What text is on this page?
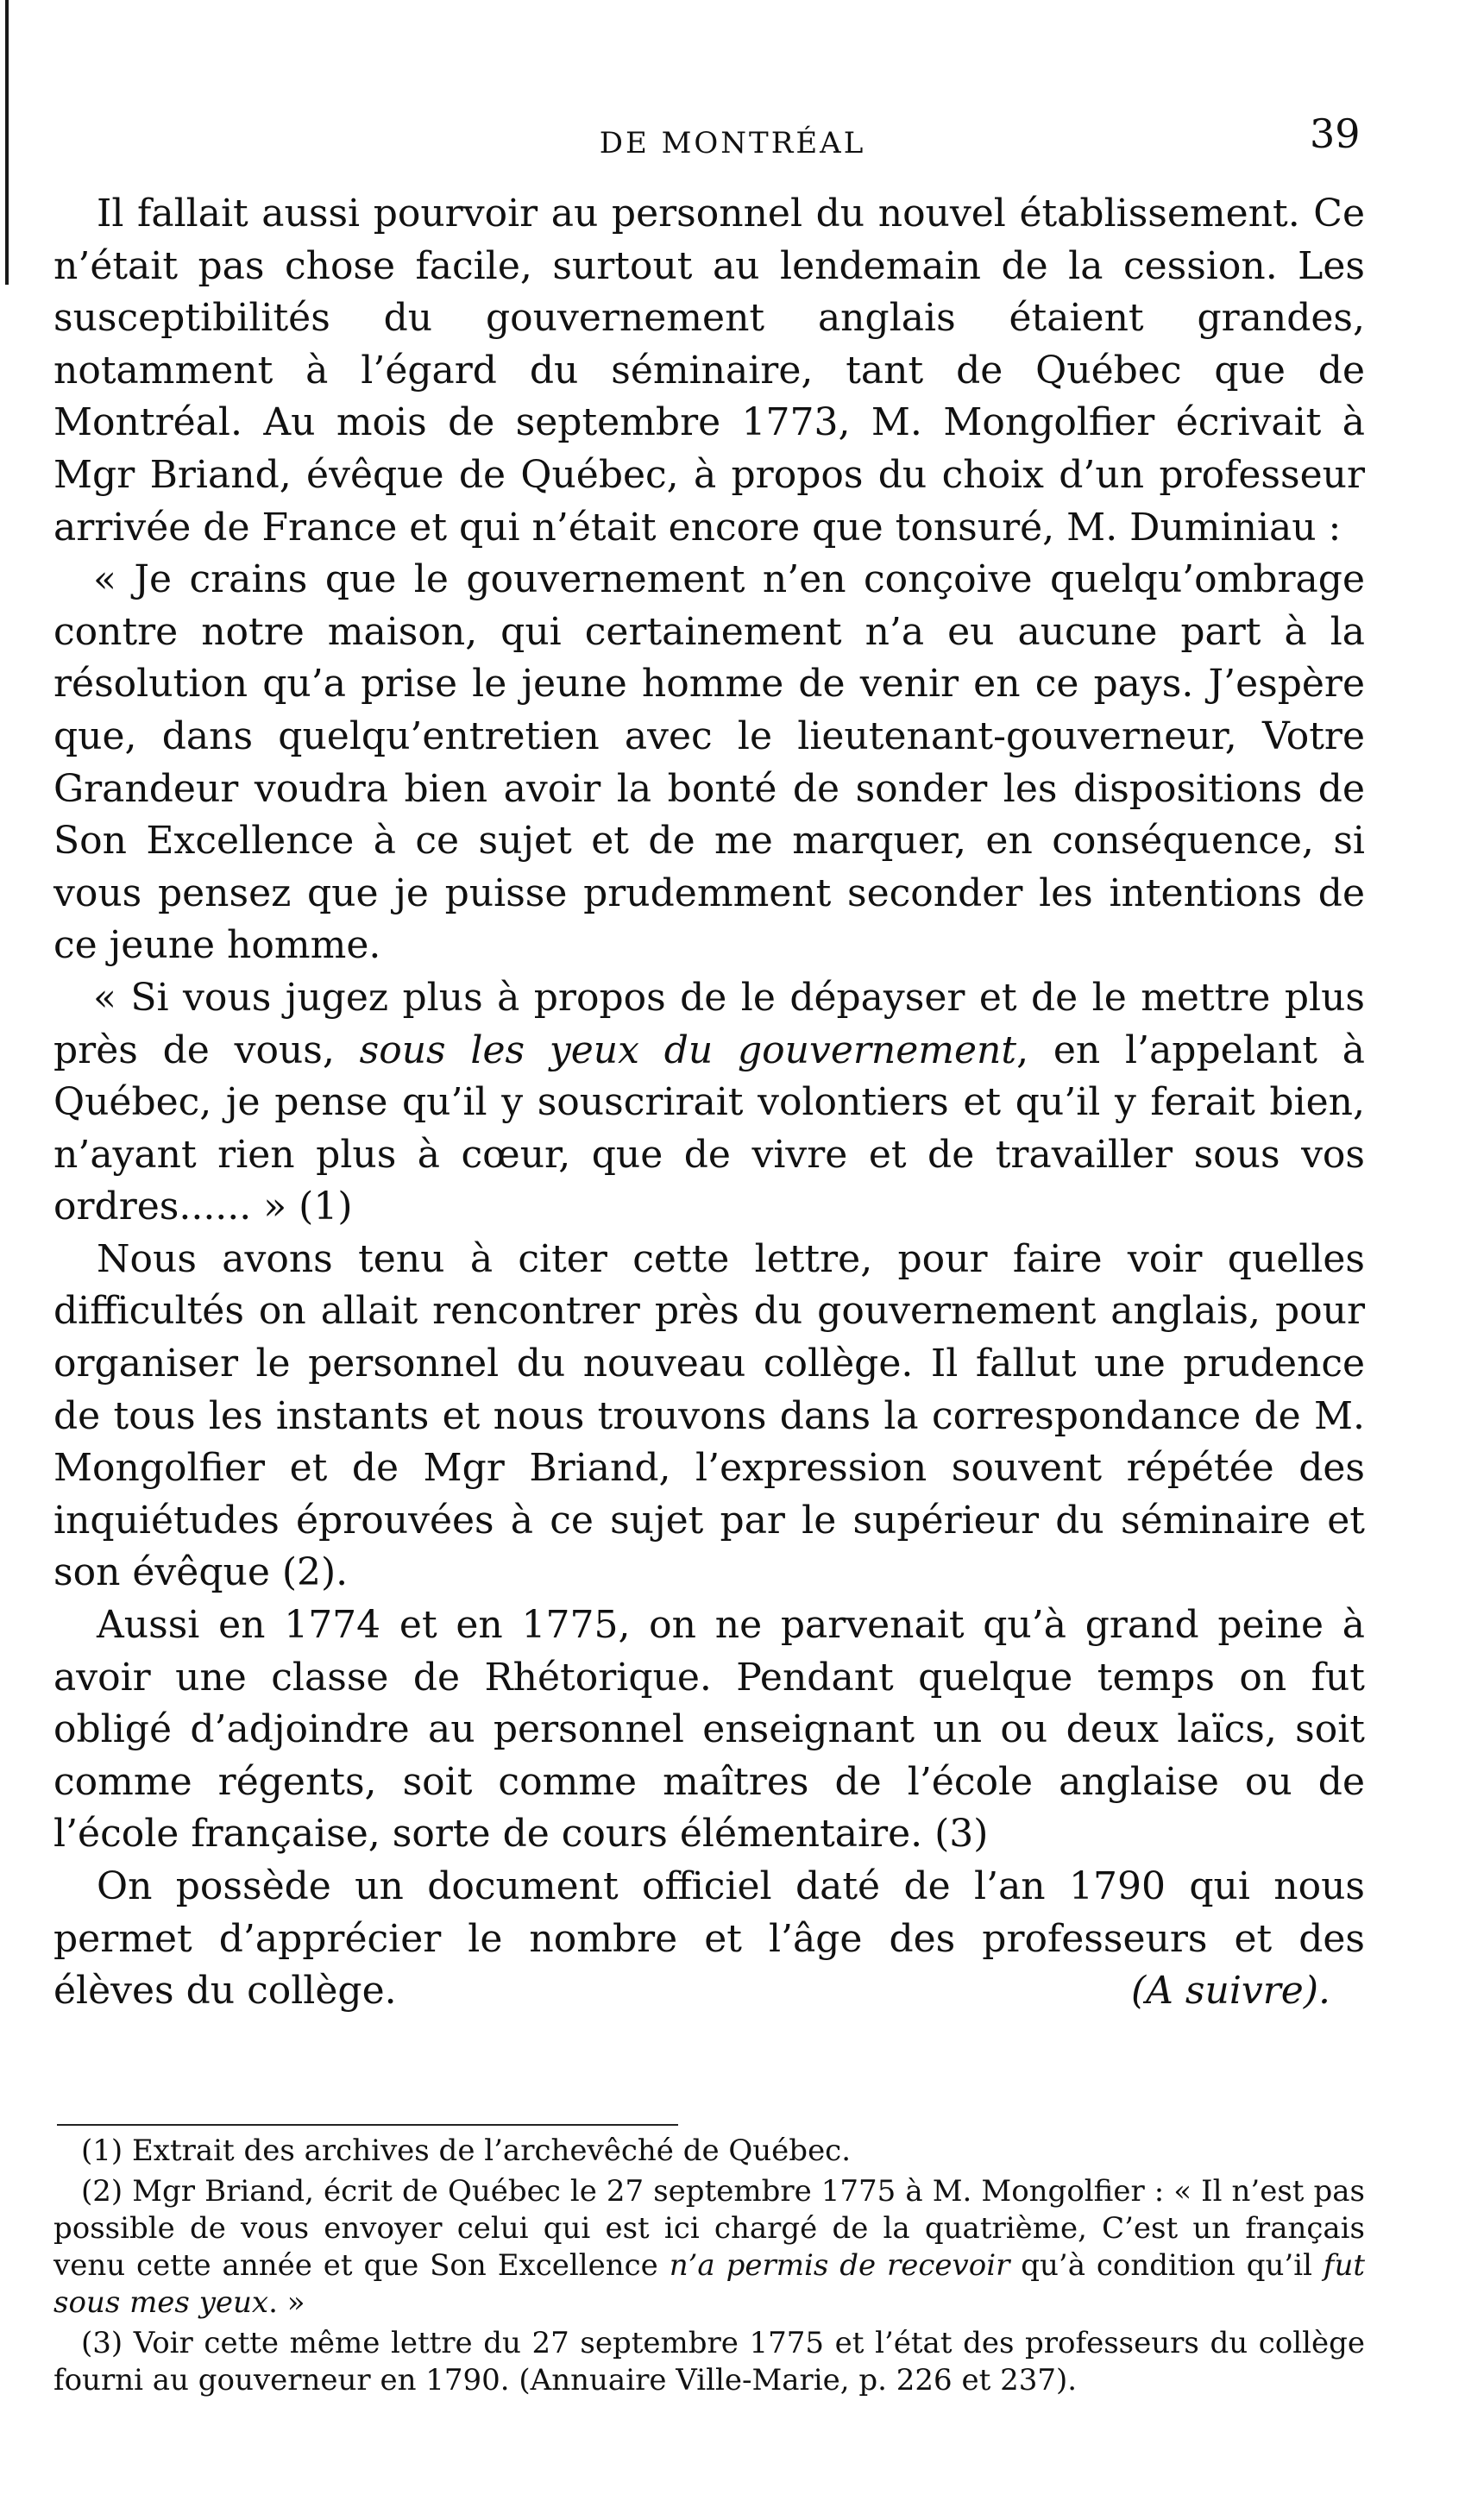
DE MONTRÉAL	39

Il fallait aussi pourvoir au personnel du nouvel établissement. Ce n’était pas chose facile, surtout au lendemain de la cession. Les susceptibilités du gouvernement anglais étaient grandes, notamment à l’égard du séminaire, tant de Québec que de Montréal. Au mois de septembre 1773, M. Mongolfier écrivait à Mgr Briand, évêque de Québec, à propos du choix d’un professeur arrivée de France et qui n’était encore que tonsuré, M. Duminiau :

« Je crains que le gouvernement n’en conçoive quelqu’ombrage contre notre maison, qui certainement n’a eu aucune part à la résolution qu’a prise le jeune homme de venir en ce pays. J’espère que, dans quelqu’entretien avec le lieutenant-gouverneur, Votre Grandeur voudra bien avoir la bonté de sonder les dispositions de Son Excellence à ce sujet et de me marquer, en conséquence, si vous pensez que je puisse prudemment seconder les intentions de ce jeune homme.

« Si vous jugez plus à propos de le dépayser et de le mettre plus près de vous, sous les yeux du gouvernement, en l’appelant à Québec, je pense qu’il y souscrirait volontiers et qu’il y ferait bien, n’ayant rien plus à cœur, que de vivre et de travailler sous vos ordres...... » (1)

Nous avons tenu à citer cette lettre, pour faire voir quelles difficultés on allait rencontrer près du gouvernement anglais, pour organiser le personnel du nouveau collège. Il fallut une prudence de tous les instants et nous trouvons dans la correspondance de M. Mongolfier et de Mgr Briand, l’expression souvent répétée des inquiétudes éprouvées à ce sujet par le supérieur du séminaire et son évêque (2).

Aussi en 1774 et en 1775, on ne parvenait qu’à grand peine à avoir une classe de Rhétorique. Pendant quelque temps on fut obligé d’adjoindre au personnel enseignant un ou deux laïcs, soit comme régents, soit comme maîtres de l’école anglaise ou de l’école française, sorte de cours élémentaire. (3)

On possède un document officiel daté de l’an 1790 qui nous permet d’apprécier le nombre et l’âge des professeurs et des élèves du collège.	(A suivre).

(1) Extrait des archives de l’archevêché de Québec.

(2) Mgr Briand, écrit de Québec le 27 septembre 1775 à M. Mongolfier : « Il n’est pas possible de vous envoyer celui qui est ici chargé de la quatrième, C’est un français venu cette année et que Son Excellence n’a permis de recevoir qu’à condition qu’il fut sous mes yeux. »

(3) Voir cette même lettre du 27 septembre 1775 et l’état des professeurs du collège fourni au gouverneur en 1790. (Annuaire Ville-Marie, p. 226 et 237).
